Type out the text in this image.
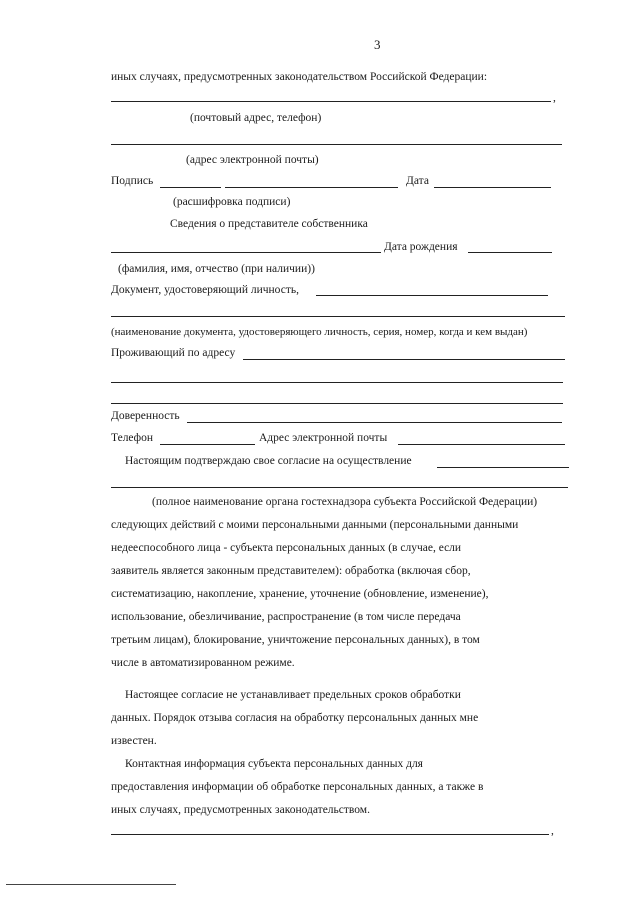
3
иных случаях, предусмотренных законодательством Российской Федерации:
,
(почтовый адрес, телефон)
(адрес электронной почты)
Подпись	Дата
(расшифровка подписи)
Сведения о представителе собственника
Дата рождения
(фамилия, имя, отчество (при наличии))
Документ, удостоверяющий личность,
(наименование документа, удостоверяющего личность, серия, номер, когда и кем выдан)
Проживающий по адресу
Доверенность
Телефон	Адрес электронной почты
Настоящим подтверждаю свое согласие на осуществление
(полное наименование органа гостехнадзора субъекта Российской Федерации)
следующих действий с моими персональными данными (персональными данными
недееспособного лица - субъекта персональных данных (в случае, если
заявитель является законным представителем): обработка (включая сбор,
систематизацию, накопление, хранение, уточнение (обновление, изменение),
использование, обезличивание, распространение (в том числе передача
третьим лицам), блокирование, уничтожение персональных данных), в том
числе в автоматизированном режиме.
Настоящее согласие не устанавливает предельных сроков обработки
данных. Порядок отзыва согласия на обработку персональных данных мне
известен.
Контактная информация субъекта персональных данных для
предоставления информации об обработке персональных данных, а также в
иных случаях, предусмотренных законодательством.
,
